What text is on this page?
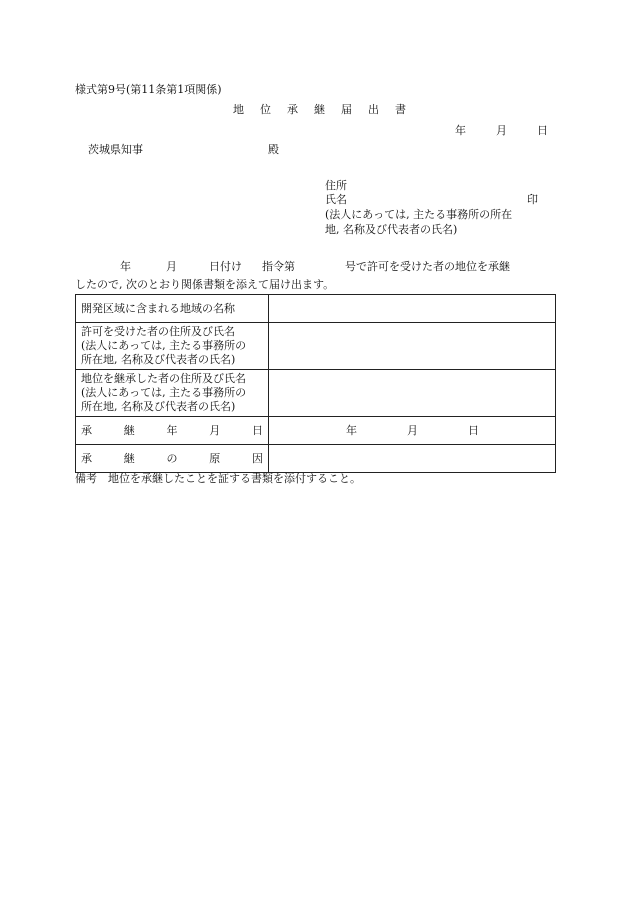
様式第9号(第11条第1項関係)
地 位 承 継 届 出 書
年	月	日
茨城県知事	殿
住所
氏名	印
(法人にあっては, 主たる事務所の所在
地, 名称及び代表者の氏名)
年	月	日付け 指令第	号で許可を受けた者の地位を承継
したので, 次のとおり関係書類を添えて届け出ます。
開発区域に含まれる地域の名称	

許可を受けた者の住所及び氏名
(法人にあっては, 主たる事務所の
所在地, 名称及び代表者の氏名)	

地位を継承した者の住所及び氏名
(法人にあっては, 主たる事務所の
所在地, 名称及び代表者の氏名)	

承 継 年 月 日	年 月 日

承 継 の 原 因	

備考　地位を承継したことを証する書類を添付すること。
